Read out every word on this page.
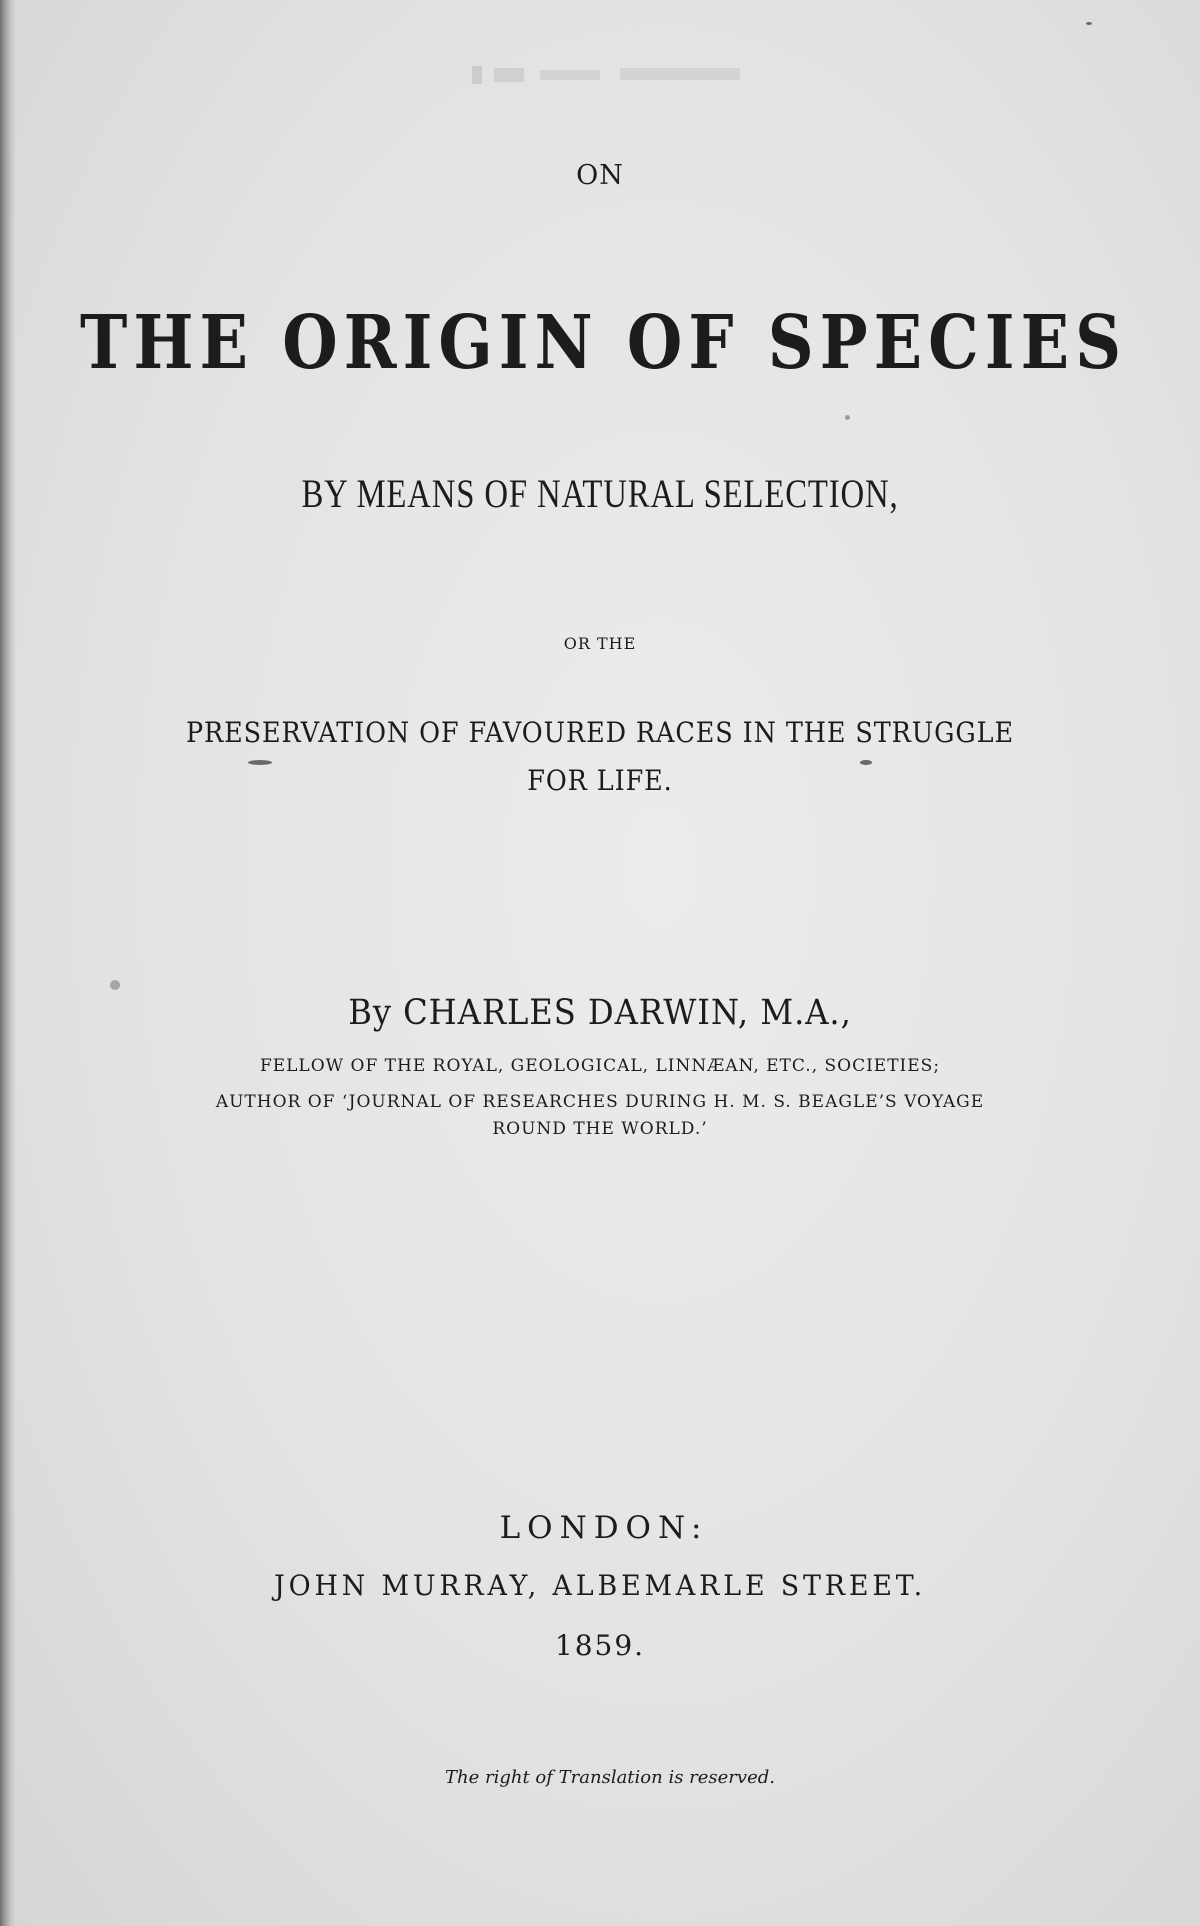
ON
THE ORIGIN OF SPECIES
BY MEANS OF NATURAL SELECTION,
OR THE
PRESERVATION OF FAVOURED RACES IN THE STRUGGLE
FOR LIFE.
By CHARLES DARWIN, M.A.,
FELLOW OF THE ROYAL, GEOLOGICAL, LINNÆAN, ETC., SOCIETIES;
AUTHOR OF ‘JOURNAL OF RESEARCHES DURING H. M. S. BEAGLE’S VOYAGE
ROUND THE WORLD.’
LONDON:
JOHN MURRAY, ALBEMARLE STREET.
1859.
The right of Translation is reserved.
